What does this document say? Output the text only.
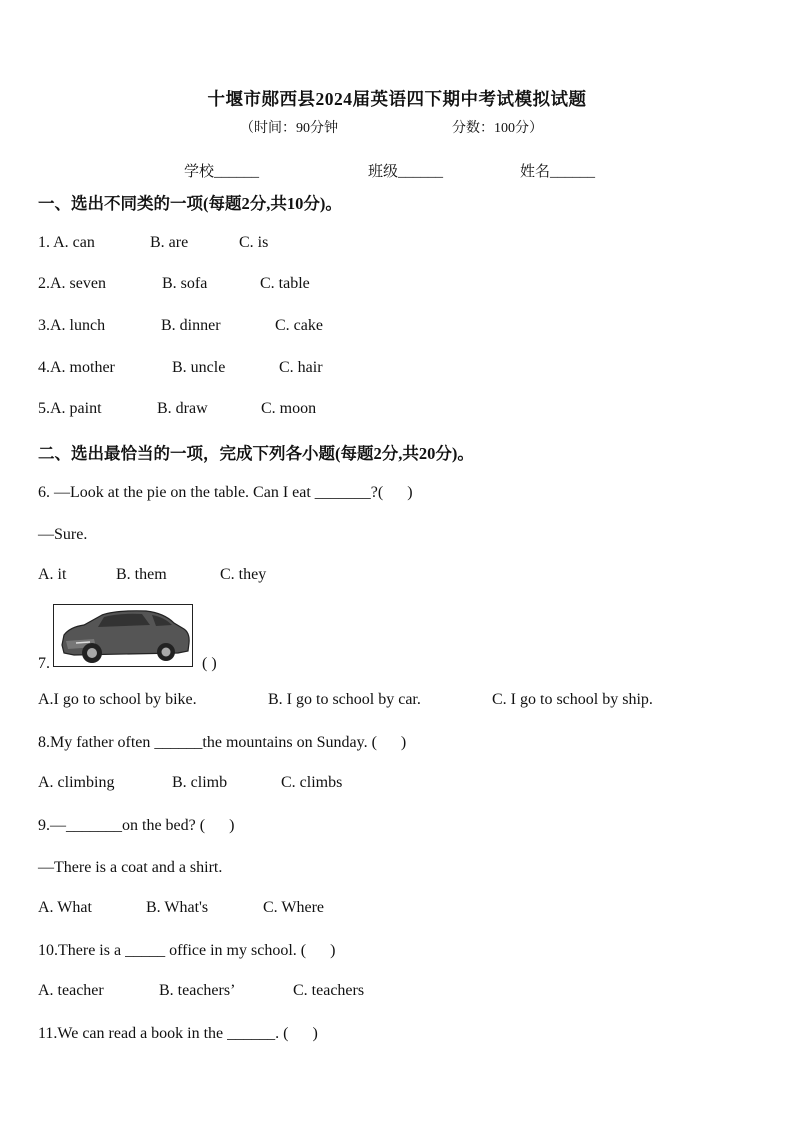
十堰市郧西县2024届英语四下期中考试模拟试题
（时间：90分钟	分数：100分）
学校______	班级______	姓名______
一、选出不同类的一项(每题2分,共10分)。
1. A. can	B. are	C. is
2.A. seven	B. sofa	C. table
3.A. lunch	B. dinner	C. cake
4.A. mother	B. uncle	C. hair
5.A. paint	B. draw	C. moon
二、选出最恰当的一项，完成下列各小题(每题2分,共20分)。
6. —Look at the pie on the table. Can I eat _______?(      )
—Sure.
A. it	B. them	C. they
7.	( )
A.I go to school by bike.	B. I go to school by car.	C. I go to school by ship.
8.My father often ______the mountains on Sunday. (      )
A. climbing	B. climb	C. climbs
9.—_______on the bed? (      )
—There is a coat and a shirt.
A. What	B. What's	C. Where
10.There is a _____ office in my school. (      )
A. teacher	B. teachers’	C. teachers
11.We can read a book in the ______. (      )
